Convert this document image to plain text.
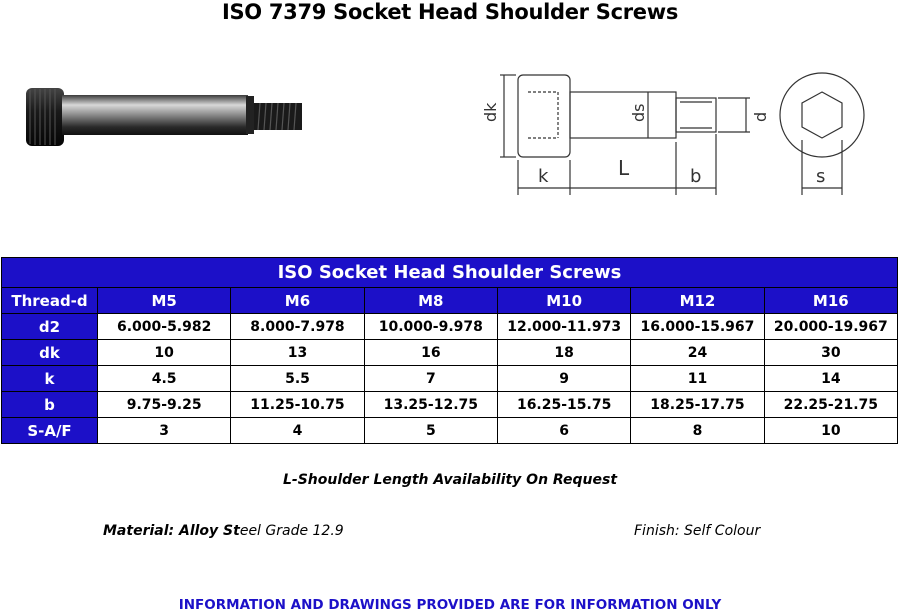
ISO 7379 Socket Head Shoulder Screws
k	L	b	s
dk	ds	d
ISO Socket Head Shoulder Screws						
Thread-d	M5	M6	M8	M10	M12	M16
d2	6.000-5.982	8.000-7.978	10.000-9.978	12.000-11.973	16.000-15.967	20.000-19.967
dk	10	13	16	18	24	30
k	4.5	5.5	7	9	11	14
b	9.75-9.25	11.25-10.75	13.25-12.75	16.25-15.75	18.25-17.75	22.25-21.75
S-A/F	3	4	5	6	8	10
L-Shoulder Length Availability On Request
Material: Alloy Steel Grade 12.9	Finish: Self Colour
INFORMATION AND DRAWINGS PROVIDED ARE FOR INFORMATION ONLY
